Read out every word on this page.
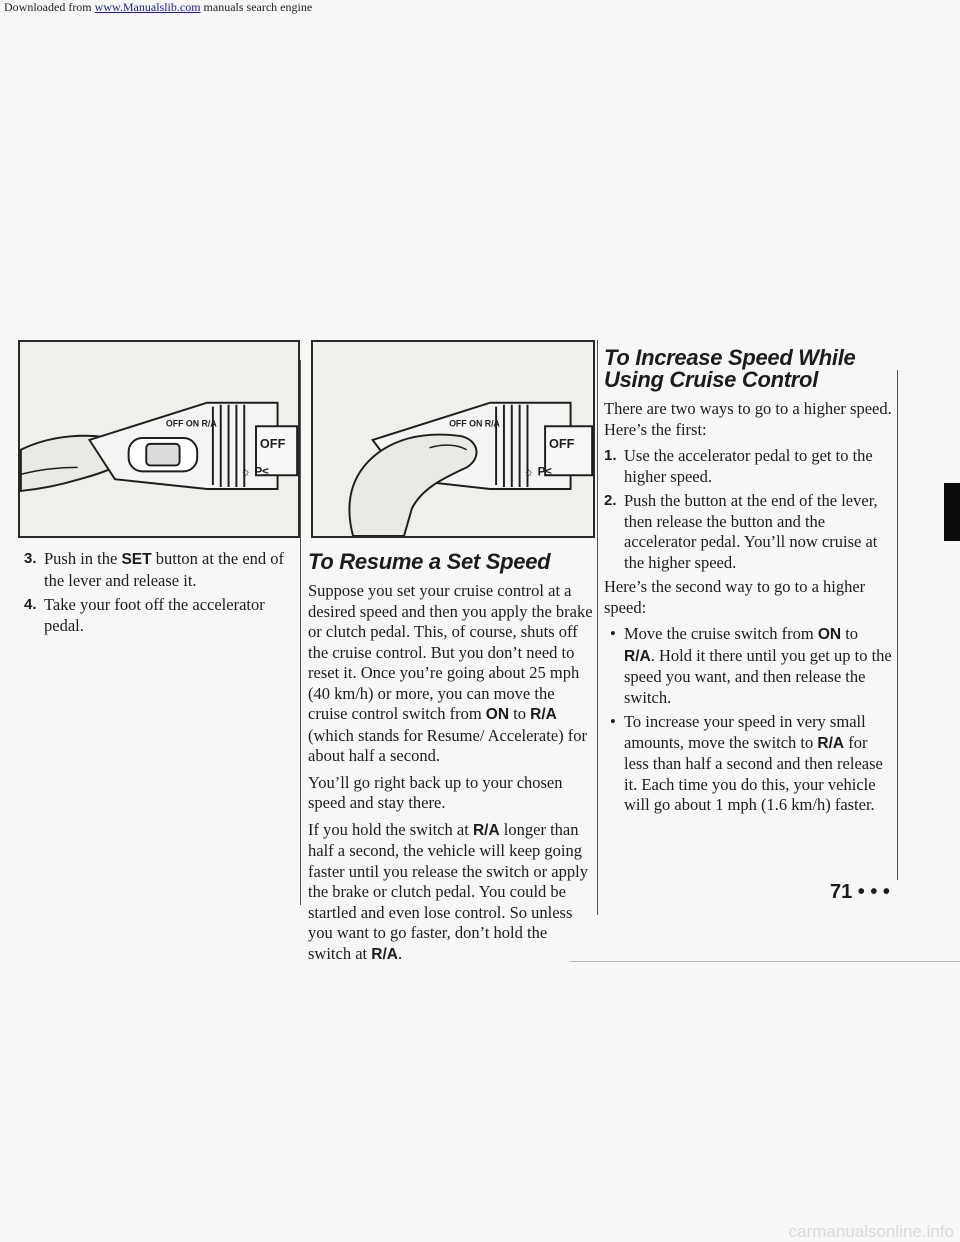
Downloaded from www.Manualslib.com manuals search engine
OFF ON R/A
OFF
☼ P≤
OFF ON R/A
OFF
☼ P≤
3. Push in the SET button at the end of the lever and release it.
4. Take your foot off the accelerator pedal.
To Resume a Set Speed

Suppose you set your cruise control at a desired speed and then you apply the brake or clutch pedal. This, of course, shuts off the cruise control. But you don’t need to reset it. Once you’re going about 25 mph (40 km/h) or more, you can move the cruise control switch from ON to R/A (which stands for Resume/ Accelerate) for about half a second.

You’ll go right back up to your chosen speed and stay there.

If you hold the switch at R/A longer than half a second, the vehicle will keep going faster until you release the switch or apply the brake or clutch pedal. You could be startled and even lose control. So unless you want to go faster, don’t hold the switch at R/A.

To Increase Speed While Using Cruise Control

There are two ways to go to a higher speed. Here’s the first:

1. Use the accelerator pedal to get to the higher speed.
2. Push the button at the end of the lever, then release the button and the accelerator pedal. You’ll now cruise at the higher speed.

Here’s the second way to go to a higher speed:

• Move the cruise switch from ON to R/A. Hold it there until you get up to the speed you want, and then release the switch.
• To increase your speed in very small amounts, move the switch to R/A for less than half a second and then release it. Each time you do this, your vehicle will go about 1 mph (1.6 km/h) faster.
71 • • •
carmanualsonline.info
